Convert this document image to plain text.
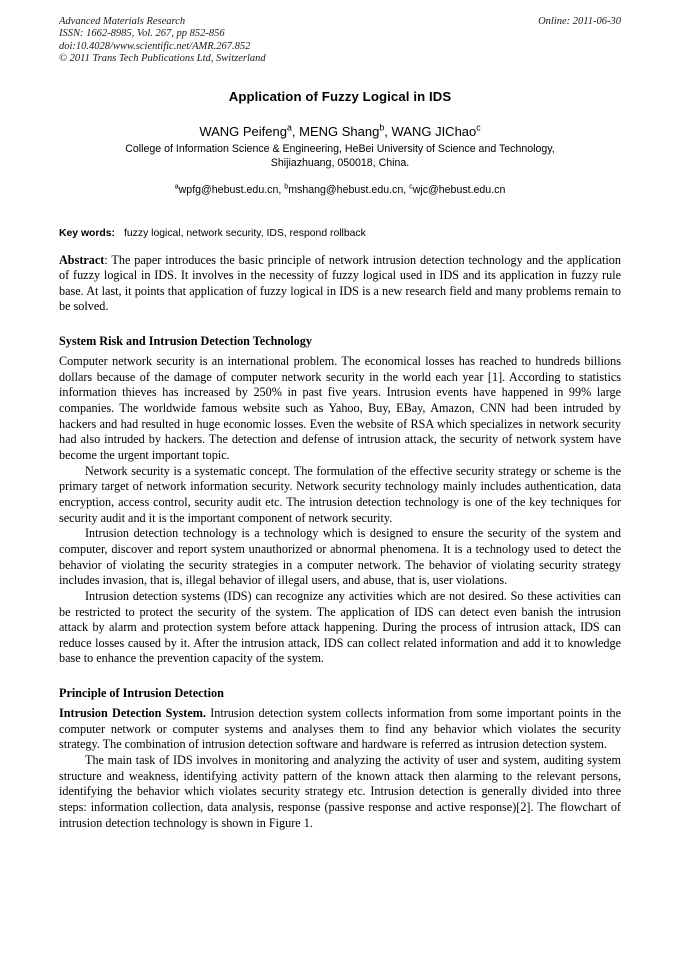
Advanced Materials Research
ISSN: 1662-8985, Vol. 267, pp 852-856
doi:10.4028/www.scientific.net/AMR.267.852
© 2011 Trans Tech Publications Ltd, Switzerland
Online: 2011-06-30
Application of Fuzzy Logical in IDS
WANG Peifeng$^a$, MENG Shang$^b$, WANG JIChao$^c$
College of Information Science & Engineering, HeBei University of Science and Technology,
Shijiazhuang, 050018, China.
$^a$wpfg@hebust.edu.cn, $^b$mshang@hebust.edu.cn, $^c$wjc@hebust.edu.cn
Key words: fuzzy logical, network security, IDS, respond rollback
Abstract: The paper introduces the basic principle of network intrusion detection technology and the application of fuzzy logical in IDS. It involves in the necessity of fuzzy logical used in IDS and its application in fuzzy rule base. At last, it points that application of fuzzy logical in IDS is a new research field and many problems remain to be solved.
System Risk and Intrusion Detection Technology

Computer network security is an international problem. The economical losses has reached to hundreds billions dollars because of the damage of computer network security in the world each year [1]. According to statistics information thieves has increased by 250% in past five years. Intrusion events have happened in 99% large companies. The worldwide famous website such as Yahoo, Buy, EBay, Amazon, CNN had been intruded by hackers and had resulted in huge economic losses. Even the website of RSA which specializes in network security had also intruded by hackers. The detection and defense of intrusion attack, the security of network system have become the urgent important topic.

Network security is a systematic concept. The formulation of the effective security strategy or scheme is the primary target of network information security. Network security technology mainly includes authentication, data encryption, access control, security audit etc. The intrusion detection technology is one of the key techniques for security audit and it is the important component of network security.

Intrusion detection technology is a technology which is designed to ensure the security of the system and computer, discover and report system unauthorized or abnormal phenomena. It is a technology used to detect the behavior of violating the security strategies in a computer network. The behavior of violating security strategy includes invasion, that is, illegal behavior of illegal users, and abuse, that is, user violations.

Intrusion detection systems (IDS) can recognize any activities which are not desired. So these activities can be restricted to protect the security of the system. The application of IDS can detect even banish the intrusion attack by alarm and protection system before attack happening. During the process of intrusion attack, IDS can reduce losses caused by it. After the intrusion attack, IDS can collect related information and add it to knowledge base to enhance the prevention capacity of the system.

Principle of Intrusion Detection

Intrusion Detection System. Intrusion detection system collects information from some important points in the computer network or computer systems and analyses them to find any behavior which violates the security strategy. The combination of intrusion detection software and hardware is referred as intrusion detection system.

The main task of IDS involves in monitoring and analyzing the activity of user and system, auditing system structure and weakness, identifying activity pattern of the known attack then alarming to the relevant persons, identifying the behavior which violates security strategy etc. Intrusion detection is generally divided into three steps: information collection, data analysis, response (passive response and active response)[2]. The flowchart of intrusion detection technology is shown in Figure 1.
